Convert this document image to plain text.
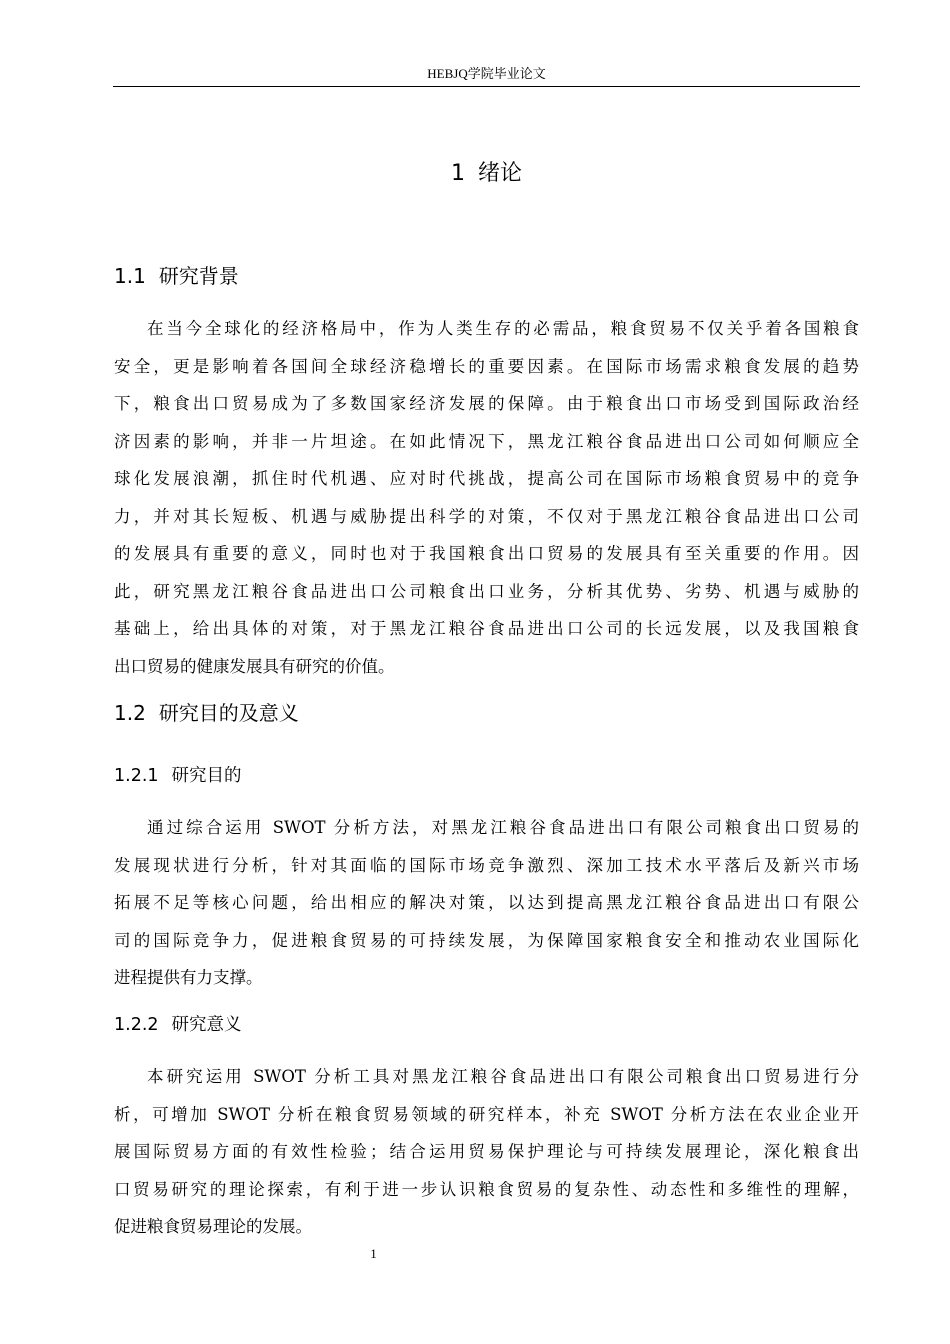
HEBJQ学院毕业论文
1 绪论
1.1 研究背景
在当今全球化的经济格局中，作为人类生存的必需品，粮食贸易不仅关乎着各国粮食
安全，更是影响着各国间全球经济稳增长的重要因素。在国际市场需求粮食发展的趋势
下，粮食出口贸易成为了多数国家经济发展的保障。由于粮食出口市场受到国际政治经
济因素的影响，并非一片坦途。在如此情况下，黑龙江粮谷食品进出口公司如何顺应全
球化发展浪潮，抓住时代机遇、应对时代挑战，提高公司在国际市场粮食贸易中的竞争
力，并对其长短板、机遇与威胁提出科学的对策，不仅对于黑龙江粮谷食品进出口公司
的发展具有重要的意义，同时也对于我国粮食出口贸易的发展具有至关重要的作用。因
此，研究黑龙江粮谷食品进出口公司粮食出口业务，分析其优势、劣势、机遇与威胁的
基础上，给出具体的对策，对于黑龙江粮谷食品进出口公司的长远发展，以及我国粮食
出口贸易的健康发展具有研究的价值。
1.2 研究目的及意义
1.2.1 研究目的
通过综合运用 SWOT 分析方法，对黑龙江粮谷食品进出口有限公司粮食出口贸易的
发展现状进行分析，针对其面临的国际市场竞争激烈、深加工技术水平落后及新兴市场
拓展不足等核心问题，给出相应的解决对策，以达到提高黑龙江粮谷食品进出口有限公
司的国际竞争力，促进粮食贸易的可持续发展，为保障国家粮食安全和推动农业国际化
进程提供有力支撑。
1.2.2 研究意义
本研究运用 SWOT 分析工具对黑龙江粮谷食品进出口有限公司粮食出口贸易进行分
析，可增加 SWOT 分析在粮食贸易领域的研究样本，补充 SWOT 分析方法在农业企业开
展国际贸易方面的有效性检验；结合运用贸易保护理论与可持续发展理论，深化粮食出
口贸易研究的理论探索，有利于进一步认识粮食贸易的复杂性、动态性和多维性的理解，
促进粮食贸易理论的发展。
1
